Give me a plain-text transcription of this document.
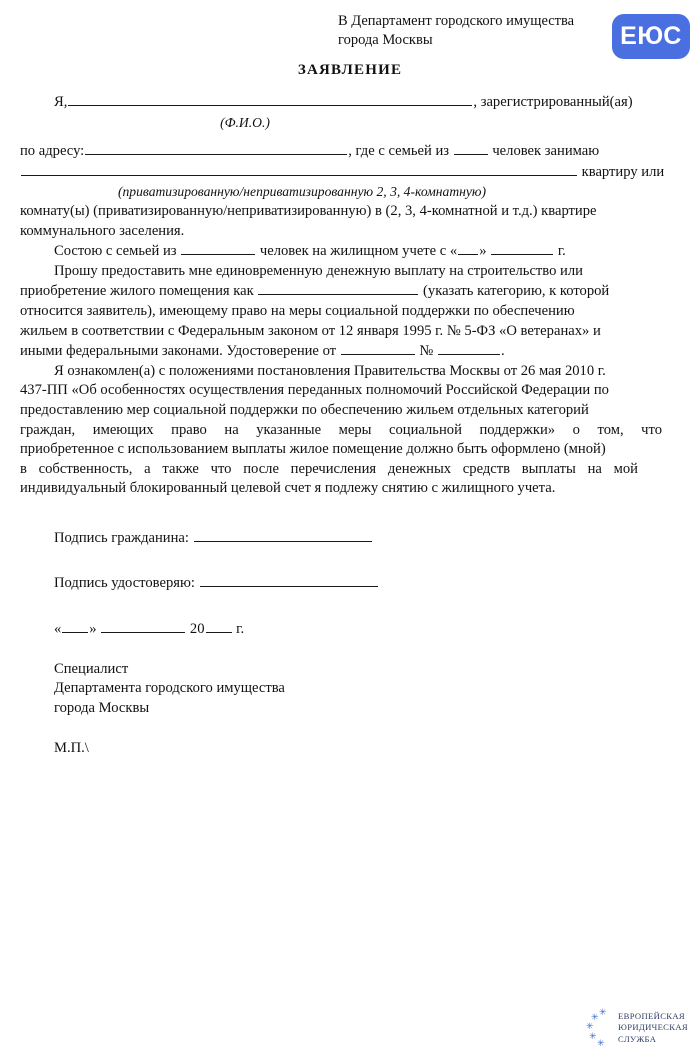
В Департамент городского имущества
города Москвы	ЕЮС
ЗАЯВЛЕНИЕ
Я,	, зарегистрированный(ая)
(Ф.И.О.)
по адресу:	, где с семьей из	человек занимаю
квартиру или
(приватизированную/неприватизированную 2, 3, 4-комнатную)
комнату(ы) (приватизированную/неприватизированную) в (2, 3, 4-комнатной и т.д.) квартире
коммунального заселения.
Состою с семьей из	человек на жилищном учете с « »	г.
Прошу предоставить мне единовременную денежную выплату на строительство или
приобретение жилого помещения как	(указать категорию, к которой
относится заявитель), имеющему право на меры социальной поддержки по обеспечению
жильем в соответствии с Федеральным законом от 12 января 1995 г. № 5-ФЗ «О ветеранах» и
иными федеральными законами. Удостоверение от	№	.
Я ознакомлен(а) с положениями постановления Правительства Москвы от 26 мая 2010 г.
437-ПП «Об особенностях осуществления переданных полномочий Российской Федерации по
предоставлению мер социальной поддержки по обеспечению жильем отдельных категорий
граждан, имеющих право на указанные меры социальной поддержки» о том, что
приобретенное с использованием выплаты жилое помещение должно быть оформлено (мной)
в собственность, а также что после перечисления денежных средств выплаты на мой
индивидуальный блокированный целевой счет я подлежу снятию с жилищного учета.
Подпись гражданина:
Подпись удостоверяю:
« »	20 г.
Специалист
Департамента городского имущества
города Москвы
М.П.\
✳
✳
✳
✳
✳
ЕВРОПЕЙСКАЯ
ЮРИДИЧЕСКАЯ
СЛУЖБА
